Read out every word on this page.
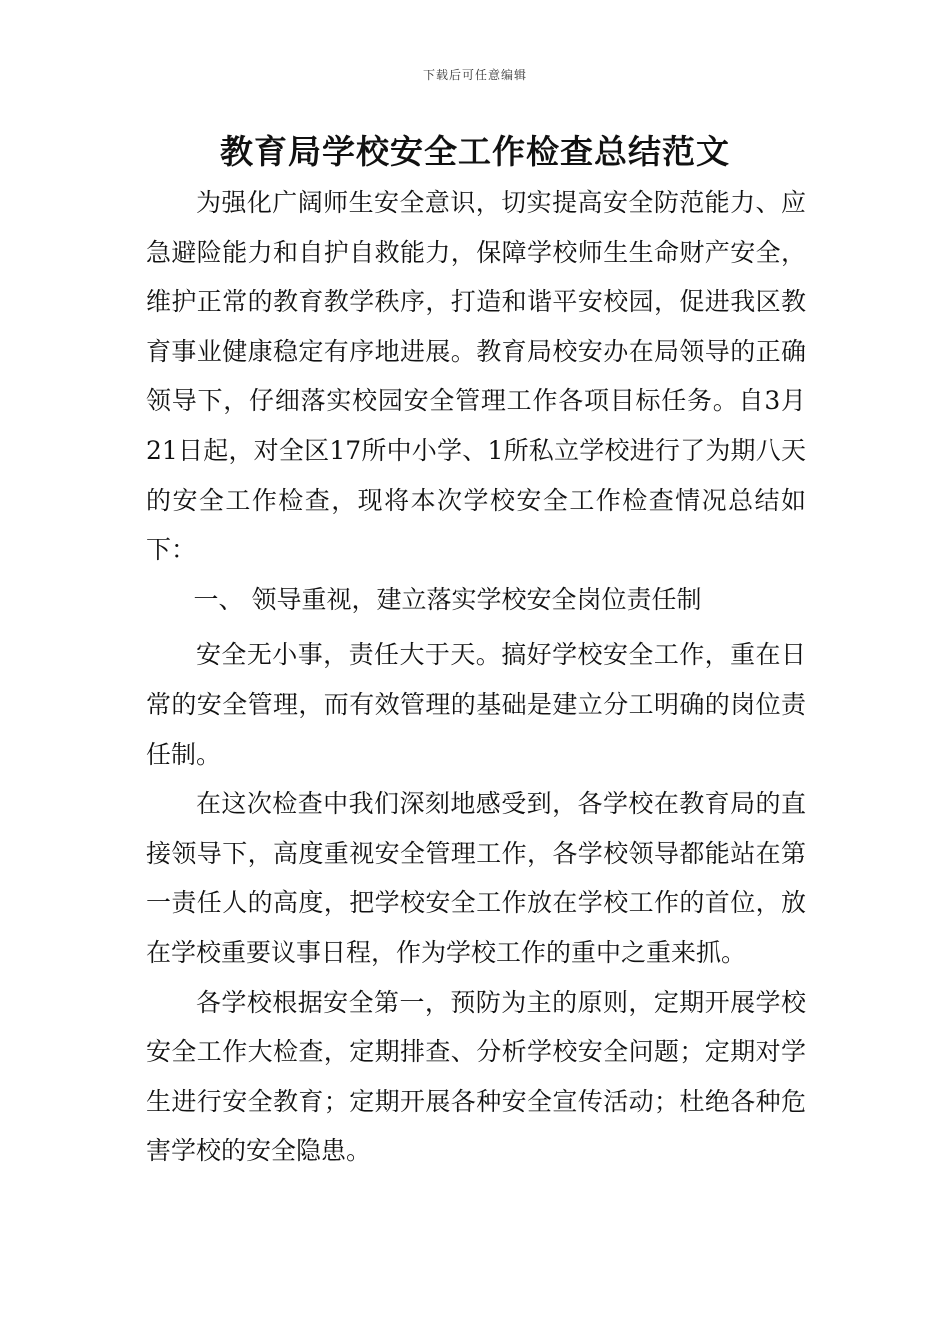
下载后可任意编辑
教育局学校安全工作检查总结范文

为强化广阔师生安全意识，切实提高安全防范能力、应急避险能力和自护自救能力，保障学校师生生命财产安全，维护正常的教育教学秩序，打造和谐平安校园，促进我区教育事业健康稳定有序地进展。教育局校安办在局领导的正确领导下，仔细落实校园安全管理工作各项目标任务。自3月21日起，对全区17所中小学、1所私立学校进行了为期八天的安全工作检查，现将本次学校安全工作检查情况总结如下：

一、 领导重视，建立落实学校安全岗位责任制

安全无小事，责任大于天。搞好学校安全工作，重在日常的安全管理，而有效管理的基础是建立分工明确的岗位责任制。

在这次检查中我们深刻地感受到，各学校在教育局的直接领导下，高度重视安全管理工作，各学校领导都能站在第一责任人的高度，把学校安全工作放在学校工作的首位，放在学校重要议事日程，作为学校工作的重中之重来抓。

各学校根据安全第一，预防为主的原则，定期开展学校安全工作大检查，定期排查、分析学校安全问题；定期对学生进行安全教育；定期开展各种安全宣传活动；杜绝各种危害学校的安全隐患。
